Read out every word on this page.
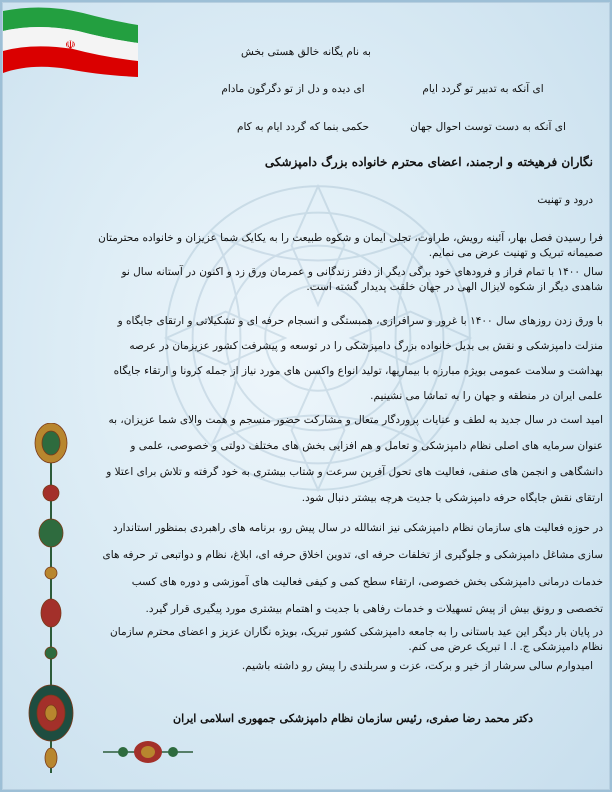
☫	به نام یگانه خالق هستی بخش
ای دیده و دل از تو دگرگون مادام	ای آنکه به تدبیر تو گردد ایام
حکمی بنما که گردد ایام به کام	ای آنکه به دست توست احوال جهان
نگاران فرهیخته و ارجمند، اعضای محترم خانواده بزرگ دامپزشکی
درود و تهنیت
فرا رسیدن فصل بهار، آئینه رویش، طراوت، تجلی ایمان و شکوه طبیعت را به یکایک شما عزیزان و خانواده محترمتان صمیمانه تبریک و تهنیت عرض می نمایم.
سال ۱۴۰۰ با تمام فراز و فرودهای خود برگی دیگر از دفتر زندگانی و عمرمان ورق زد و اکنون در آستانه سال نو شاهدی دیگر از شکوه لایزال الهی در جهان خلقت پدیدار گشته است.
با ورق زدن روزهای سال ۱۴۰۰ با غرور و سرافرازی، همبستگی و انسجام حرفه ای و تشکیلاتی و ارتقای جایگاه و منزلت دامپزشکی و نقش بی بدیل خانواده بزرگ دامپزشکی را در توسعه و پیشرفت کشور عزیزمان در عرصه بهداشت و سلامت عمومی بویژه مبارزه با بیماریها، تولید انواع واکسن های مورد نیاز از جمله کرونا و ارتقاء جایگاه علمی ایران در منطقه و جهان را به تماشا می نشینیم.
امید است در سال جدید به لطف و عنایات پروردگار متعال و مشارکت حضور منسجم و همت والای شما عزیزان، به عنوان سرمایه های اصلی نظام دامپزشکی و تعامل و هم افزایی بخش های مختلف دولتی و خصوصی، علمی و دانشگاهی و انجمن های صنفی، فعالیت های تحول آفرین سرعت و شتاب بیشتری به خود گرفته و تلاش برای اعتلا و ارتقای نقش جایگاه حرفه دامپزشکی با جدیت هرچه بیشتر دنبال شود.
در حوزه فعالیت های سازمان نظام دامپزشکی نیز انشالله در سال پیش رو، برنامه های راهبردی بمنظور استاندارد سازی مشاغل دامپزشکی و جلوگیری از تخلفات حرفه ای، تدوین اخلاق حرفه ای، ابلاغ، نظام و دواتبعی تر حرفه های خدمات درمانی دامپزشکی بخش خصوصی، ارتقاء سطح کمی و کیفی فعالیت های آموزشی و دوره های کسب تخصصی و رونق بیش از پیش تسهیلات و خدمات رفاهی با جدیت و اهتمام بیشتری مورد پیگیری قرار گیرد.
در پایان بار دیگر این عید باستانی را به جامعه دامپزشکی کشور تبریک، بویژه نگاران عزیز و اعضای محترم سازمان نظام دامپزشکی ج. ا. ا تبریک عرض می کنم.
امیدوارم سالی سرشار از خیر و برکت، عزت و سربلندی را پیش رو داشته باشیم.
دکتر محمد رضا صفری، رئیس سازمان نظام دامپزشکی جمهوری اسلامی ایران
